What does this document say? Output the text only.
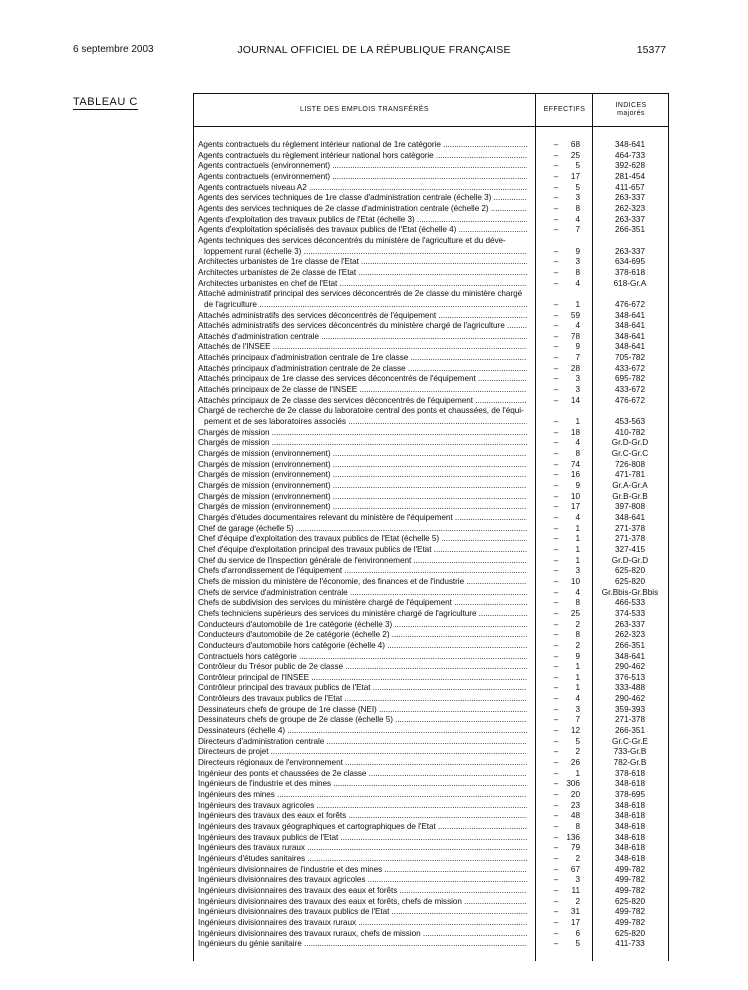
6 septembre 2003	JOURNAL OFFICIEL DE LA RÉPUBLIQUE FRANÇAISE	15377
TABLEAU C
LISTE DES EMPLOIS TRANSFÉRÉS	EFFECTIFS
INDICES
majorés
Agents contractuels du règlement intérieur national de 1re catégorie .....	–	68	348-641
Agents contractuels du règlement intérieur national hors catégorie .....	–	25	464-733
Agents contractuels (environnement) .....	–	5	392-628
Agents contractuels (environnement) .....	–	17	281-454
Agents contractuels niveau A2 .....	–	5	411-657
Agents des services techniques de 1re classe d'administration centrale (échelle 3) .....	–	3	263-337
Agents des services techniques de 2e classe d'administration centrale (échelle 2) .....	–	8	262-323
Agents d'exploitation des travaux publics de l'Etat (échelle 3) .....	–	4	263-337
Agents d'exploitation spécialisés des travaux publics de l'Etat (échelle 4) .....	–	7	266-351
Agents techniques des services déconcentrés du ministère de l'agriculture et du déve-
loppement rural (échelle 3) .....	–	9	263-337
Architectes urbanistes de 1re classe de l'Etat .....	–	3	634-695
Architectes urbanistes de 2e classe de l'Etat .....	–	8	378-618
Architectes urbanistes en chef de l'Etat .....	–	4	618-Gr.A
Attaché administratif principal des services déconcentrés de 2e classe du ministère chargé
de l'agriculture .....	–	1	476-672
Attachés administratifs des services déconcentrés de l'équipement .....	–	59	348-641
Attachés administratifs des services déconcentrés du ministère chargé de l'agriculture .....	–	4	348-641
Attachés d'administration centrale .....	–	78	348-641
Attachés de l'INSEE .....	–	9	348-641
Attachés principaux d'administration centrale de 1re classe .....	–	7	705-782
Attachés principaux d'administration centrale de 2e classe .....	–	28	433-672
Attachés principaux de 1re classe des services déconcentrés de l'équipement .....	–	3	695-782
Attachés principaux de 2e classe de l'INSEE .....	–	3	433-672
Attachés principaux de 2e classe des services déconcentrés de l'équipement .....	–	14	476-672
Chargé de recherche de 2e classe du laboratoire central des ponts et chaussées, de l'équi-
pement et de ses laboratoires associés .....	–	1	453-563
Chargés de mission .....	–	18	410-782
Chargés de mission .....	–	4	Gr.D-Gr.D
Chargés de mission (environnement) .....	–	8	Gr.C-Gr.C
Chargés de mission (environnement) .....	–	74	726-808
Chargés de mission (environnement) .....	–	16	471-781
Chargés de mission (environnement) .....	–	9	Gr.A-Gr.A
Chargés de mission (environnement) .....	–	10	Gr.B-Gr.B
Chargés de mission (environnement) .....	–	17	397-808
Chargés d'études documentaires relevant du ministère de l'équipement .....	–	4	348-641
Chef de garage (échelle 5) .....	–	1	271-378
Chef d'équipe d'exploitation des travaux publics de l'Etat (échelle 5) .....	–	1	271-378
Chef d'équipe d'exploitation principal des travaux publics de l'Etat .....	–	1	327-415
Chef du service de l'inspection générale de l'environnement .....	–	1	Gr.D-Gr.D
Chefs d'arrondissement de l'équipement .....	–	3	625-820
Chefs de mission du ministère de l'économie, des finances et de l'industrie .....	–	10	625-820
Chefs de service d'administration centrale .....	–	4	Gr.Bbis-Gr.Bbis
Chefs de subdivision des services du ministère chargé de l'équipement .....	–	8	466-533
Chefs techniciens supérieurs des services du ministère chargé de l'agriculture .....	–	25	374-533
Conducteurs d'automobile de 1re catégorie (échelle 3) .....	–	2	263-337
Conducteurs d'automobile de 2e catégorie (échelle 2) .....	–	8	262-323
Conducteurs d'automobile hors catégorie (échelle 4) .....	–	2	266-351
Contractuels hors catégorie .....	–	9	348-641
Contrôleur du Trésor public de 2e classe .....	–	1	290-462
Contrôleur principal de l'INSEE .....	–	1	376-513
Contrôleur principal des travaux publics de l'Etat .....	–	1	333-488
Contrôleurs des travaux publics de l'Etat .....	–	4	290-462
Dessinateurs chefs de groupe de 1re classe (NEI) .....	–	3	359-393
Dessinateurs chefs de groupe de 2e classe (échelle 5) .....	–	7	271-378
Dessinateurs (échelle 4) .....	–	12	266-351
Directeurs d'administration centrale .....	–	5	Gr.C-Gr.E
Directeurs de projet .....	–	2	733-Gr.B
Directeurs régionaux de l'environnement .....	–	26	782-Gr.B
Ingénieur des ponts et chaussées de 2e classe .....	–	1	378-618
Ingénieurs de l'industrie et des mines .....	– 306	348-618
Ingénieurs des mines .....	–	20	378-695
Ingénieurs des travaux agricoles .....	–	23	348-618
Ingénieurs des travaux des eaux et forêts .....	–	48	348-618
Ingénieurs des travaux géographiques et cartographiques de l'Etat .....	–	8	348-618
Ingénieurs des travaux publics de l'Etat .....	– 136	348-618
Ingénieurs des travaux ruraux .....	–	79	348-618
Ingénieurs d'études sanitaires .....	–	2	348-618
Ingénieurs divisionnaires de l'industrie et des mines .....	–	67	499-782
Ingénieurs divisionnaires des travaux agricoles .....	–	3	499-782
Ingénieurs divisionnaires des travaux des eaux et forêts .....	–	11	499-782
Ingénieurs divisionnaires des travaux des eaux et forêts, chefs de mission .....	–	2	625-820
Ingénieurs divisionnaires des travaux publics de l'Etat .....	–	31	499-782
Ingénieurs divisionnaires des travaux ruraux .....	–	17	499-782
Ingénieurs divisionnaires des travaux ruraux, chefs de mission .....	–	6	625-820
Ingénieurs du génie sanitaire .....	–	5	411-733
